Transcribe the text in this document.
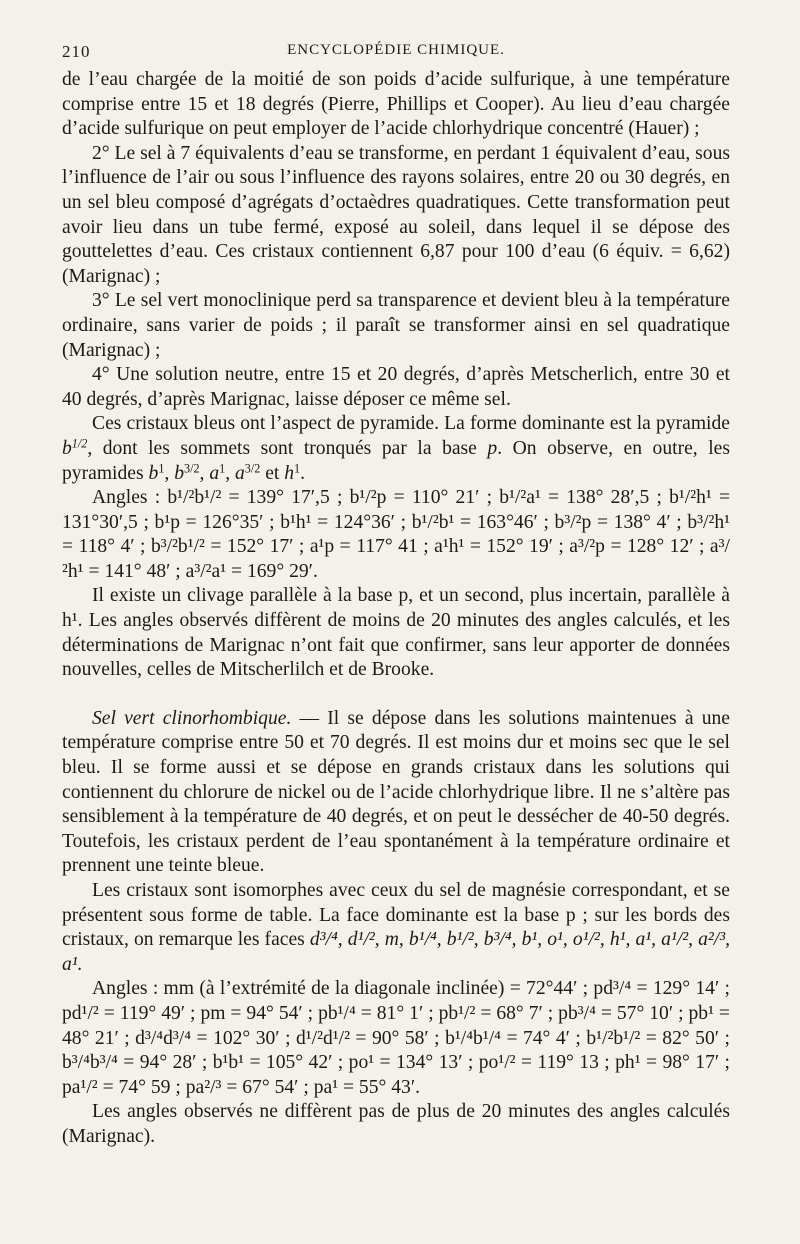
210	ENCYCLOPÉDIE CHIMIQUE.

de l’eau chargée de la moitié de son poids d’acide sulfurique, à une température comprise entre 15 et 18 degrés (Pierre, Phillips et Cooper). Au lieu d’eau chargée d’acide sulfurique on peut employer de l’acide chlorhydrique concentré (Hauer) ;

2° Le sel à 7 équivalents d’eau se transforme, en perdant 1 équivalent d’eau, sous l’influence de l’air ou sous l’influence des rayons solaires, entre 20 ou 30 degrés, en un sel bleu composé d’agrégats d’octaèdres quadratiques. Cette transformation peut avoir lieu dans un tube fermé, exposé au soleil, dans lequel il se dépose des gouttelettes d’eau. Ces cristaux contiennent 6,87 pour 100 d’eau (6 équiv. = 6,62) (Marignac) ;

3° Le sel vert monoclinique perd sa transparence et devient bleu à la température ordinaire, sans varier de poids ; il paraît se transformer ainsi en sel quadratique (Marignac) ;

4° Une solution neutre, entre 15 et 20 degrés, d’après Metscherlich, entre 30 et 40 degrés, d’après Marignac, laisse déposer ce même sel.

Ces cristaux bleus ont l’aspect de pyramide. La forme dominante est la pyramide $b^{1/2}$, dont les sommets sont tronqués par la base p. On observe, en outre, les pyramides $b^1$, $b^{3/2}$, $a^1$, $a^{3/2}$ et $h^1$.

Angles : b¹/²b¹/² = 139° 17′,5 ; b¹/²p = 110° 21′ ; b¹/²a¹ = 138° 28′,5 ; b¹/²h¹ = 131°30′,5 ; b¹p = 126°35′ ; b¹h¹ = 124°36′ ; b¹/²b¹ = 163°46′ ; b³/²p = 138° 4′ ; b³/²h¹ = 118° 4′ ; b³/²b¹/² = 152° 17′ ; a¹p = 117° 41 ; a¹h¹ = 152° 19′ ; a³/²p = 128° 12′ ; a³/²h¹ = 141° 48′ ; a³/²a¹ = 169° 29′.

Il existe un clivage parallèle à la base p, et un second, plus incertain, parallèle à h¹. Les angles observés diffèrent de moins de 20 minutes des angles calculés, et les déterminations de Marignac n’ont fait que confirmer, sans leur apporter de données nouvelles, celles de Mitscherlilch et de Brooke.

Sel vert clinorhombique. — Il se dépose dans les solutions maintenues à une température comprise entre 50 et 70 degrés. Il est moins dur et moins sec que le sel bleu. Il se forme aussi et se dépose en grands cristaux dans les solutions qui contiennent du chlorure de nickel ou de l’acide chlorhydrique libre. Il ne s’altère pas sensiblement à la température de 40 degrés, et on peut le dessécher de 40-50 degrés. Toutefois, les cristaux perdent de l’eau spontanément à la température ordinaire et prennent une teinte bleue.

Les cristaux sont isomorphes avec ceux du sel de magnésie correspondant, et se présentent sous forme de table. La face dominante est la base p ; sur les bords des cristaux, on remarque les faces d³/⁴, d¹/², m, b¹/⁴, b¹/², b³/⁴, b¹, o¹, o¹/², h¹, a¹, a¹/², a²/³, a¹.

Angles : mm (à l’extrémité de la diagonale inclinée) = 72°44′ ; pd³/⁴ = 129° 14′ ; pd¹/² = 119° 49′ ; pm = 94° 54′ ; pb¹/⁴ = 81° 1′ ; pb¹/² = 68° 7′ ; pb³/⁴ = 57° 10′ ; pb¹ = 48° 21′ ; d³/⁴d³/⁴ = 102° 30′ ; d¹/²d¹/² = 90° 58′ ; b¹/⁴b¹/⁴ = 74° 4′ ; b¹/²b¹/² = 82° 50′ ; b³/⁴b³/⁴ = 94° 28′ ; b¹b¹ = 105° 42′ ; po¹ = 134° 13′ ; po¹/² = 119° 13 ; ph¹ = 98° 17′ ; pa¹/² = 74° 59 ; pa²/³ = 67° 54′ ; pa¹ = 55° 43′.

Les angles observés ne diffèrent pas de plus de 20 minutes des angles calculés (Marignac).
